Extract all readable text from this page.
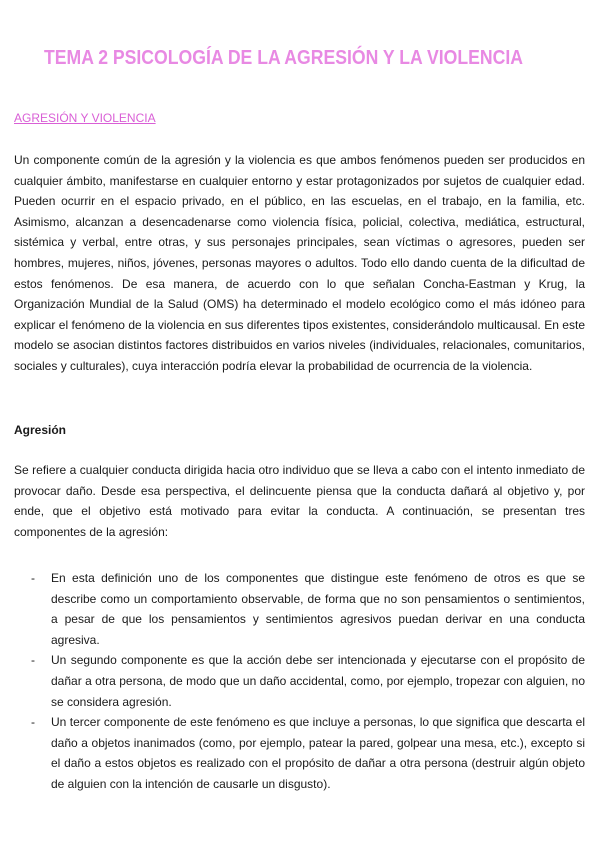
TEMA 2 PSICOLOGÍA DE LA AGRESIÓN Y LA VIOLENCIA
AGRESIÓN Y VIOLENCIA

Un componente común de la agresión y la violencia es que ambos fenómenos pueden ser producidos en cualquier ámbito, manifestarse en cualquier entorno y estar protagonizados por sujetos de cualquier edad. Pueden ocurrir en el espacio privado, en el público, en las escuelas, en el trabajo, en la familia, etc. Asimismo, alcanzan a desencadenarse como violencia física, policial, colectiva, mediática, estructural, sistémica y verbal, entre otras, y sus personajes principales, sean víctimas o agresores, pueden ser hombres, mujeres, niños, jóvenes, personas mayores o adultos. Todo ello dando cuenta de la dificultad de estos fenómenos. De esa manera, de acuerdo con lo que señalan Concha-Eastman y Krug, la Organización Mundial de la Salud (OMS) ha determinado el modelo ecológico como el más idóneo para explicar el fenómeno de la violencia en sus diferentes tipos existentes, considerándolo multicausal. En este modelo se asocian distintos factores distribuidos en varios niveles (individuales, relacionales, comunitarios, sociales y culturales), cuya interacción podría elevar la probabilidad de ocurrencia de la violencia.

Agresión

Se refiere a cualquier conducta dirigida hacia otro individuo que se lleva a cabo con el intento inmediato de provocar daño. Desde esa perspectiva, el delincuente piensa que la conducta dañará al objetivo y, por ende, que el objetivo está motivado para evitar la conducta. A continuación, se presentan tres componentes de la agresión:

- En esta definición uno de los componentes que distingue este fenómeno de otros es que se describe como un comportamiento observable, de forma que no son pensamientos o sentimientos, a pesar de que los pensamientos y sentimientos agresivos puedan derivar en una conducta agresiva.
- Un segundo componente es que la acción debe ser intencionada y ejecutarse con el propósito de dañar a otra persona, de modo que un daño accidental, como, por ejemplo, tropezar con alguien, no se considera agresión.
- Un tercer componente de este fenómeno es que incluye a personas, lo que significa que descarta el daño a objetos inanimados (como, por ejemplo, patear la pared, golpear una mesa, etc.), excepto si el daño a estos objetos es realizado con el propósito de dañar a otra persona (destruir algún objeto de alguien con la intención de causarle un disgusto).
